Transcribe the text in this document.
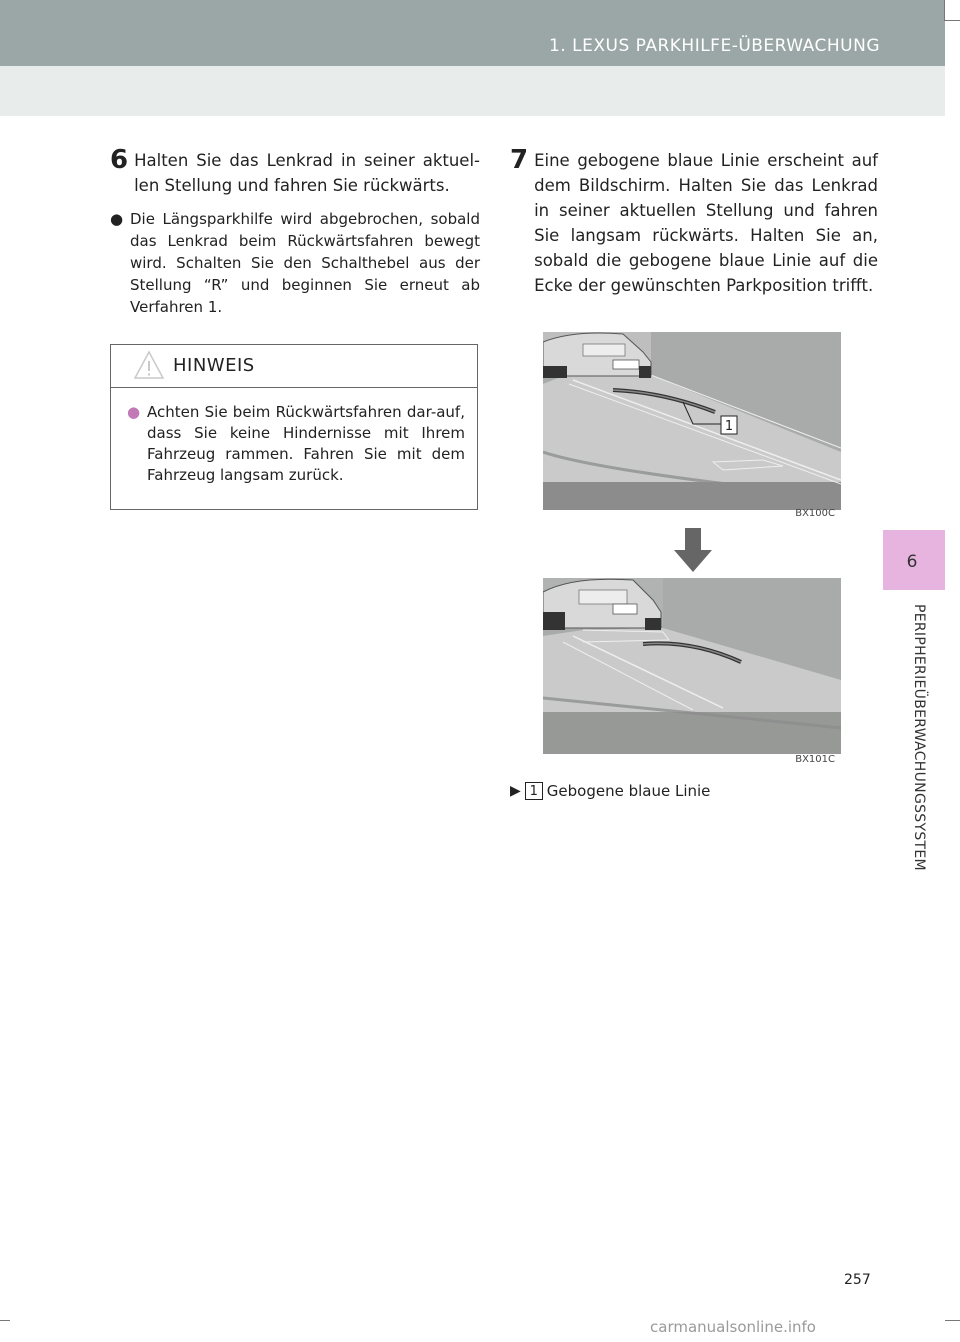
1. LEXUS PARKHILFE-ÜBERWACHUNG
6
PERIPHERIEÜBERWACHUNGSSYSTEM
6 Halten Sie das Lenkrad in seiner aktuel-len Stellung und fahren Sie rückwärts.
● Die Längsparkhilfe wird abgebrochen, sobald das Lenkrad beim Rückwärtsfahren bewegt wird. Schalten Sie den Schalthebel aus der Stellung “R” und beginnen Sie erneut ab Verfahren 1.
HINWEIS
● Achten Sie beim Rückwärtsfahren dar-auf, dass Sie keine Hindernisse mit Ihrem Fahrzeug rammen. Fahren Sie mit dem Fahrzeug langsam zurück.
7 Eine gebogene blaue Linie erscheint auf dem Bildschirm. Halten Sie das Lenkrad in seiner aktuellen Stellung und fahren Sie langsam rückwärts. Halten Sie an, sobald die gebogene blaue Linie auf die Ecke der gewünschten Parkposition trifft.
1
BX100C
BX101C
▶ 1 Gebogene blaue Linie
257
carmanualsonline.info
